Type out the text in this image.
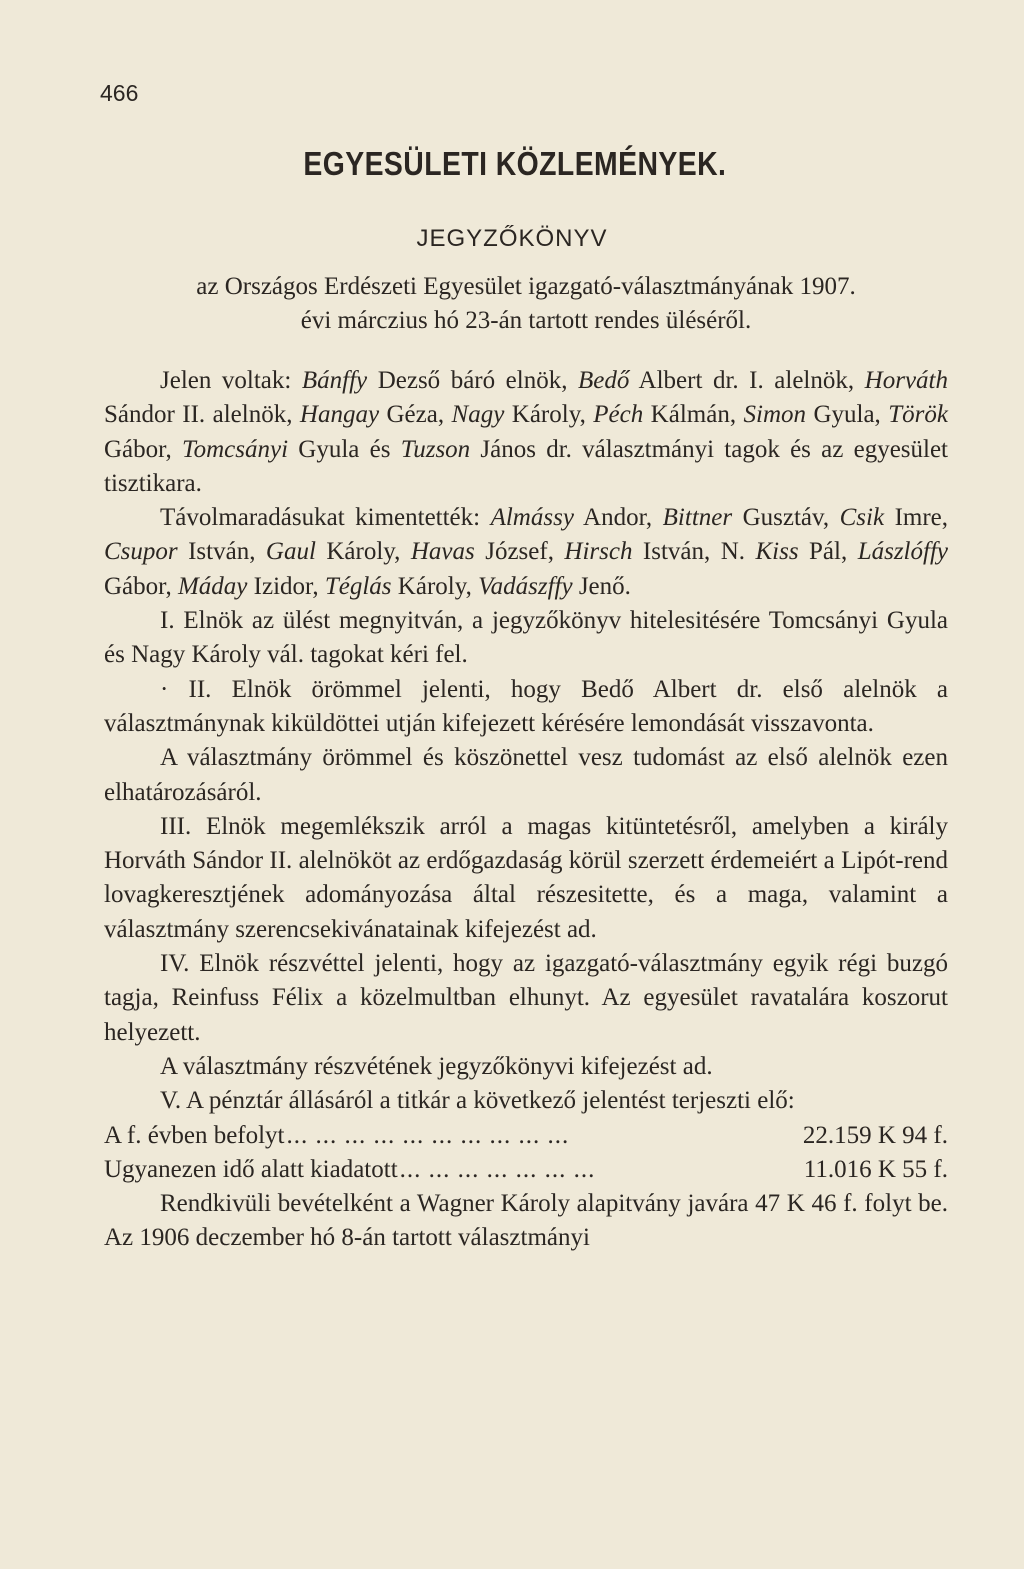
466
EGYESÜLETI KÖZLEMÉNYEK.
JEGYZŐKÖNYV
az Országos Erdészeti Egyesület igazgató-választmányának 1907.
évi márczius hó 23-án tartott rendes üléséről.

Jelen voltak: Bánffy Dezső báró elnök, Bedő Albert dr. I. alelnök, Horváth Sándor II. alelnök, Hangay Géza, Nagy Károly, Péch Kálmán, Simon Gyula, Török Gábor, Tomcsányi Gyula és Tuzson János dr. választmányi tagok és az egyesület tisztikara.

Távolmaradásukat kimentették: Almássy Andor, Bittner Gusztáv, Csik Imre, Csupor István, Gaul Károly, Havas József, Hirsch István, N. Kiss Pál, Lászlóffy Gábor, Máday Izidor, Téglás Károly, Vadászffy Jenő.

I. Elnök az ülést megnyitván, a jegyzőkönyv hitelesitésére Tomcsányi Gyula és Nagy Károly vál. tagokat kéri fel.

· II. Elnök örömmel jelenti, hogy Bedő Albert dr. első alelnök a választmánynak kiküldöttei utján kifejezett kérésére lemondását visszavonta.

A választmány örömmel és köszönettel vesz tudomást az első alelnök ezen elhatározásáról.

III. Elnök megemlékszik arról a magas kitüntetésről, amelyben a király Horváth Sándor II. alelnököt az erdőgazdaság körül szerzett érdemeiért a Lipót-rend lovagkeresztjének adományozása által részesitette, és a maga, valamint a választmány szerencsekivánatainak kifejezést ad.

IV. Elnök részvéttel jelenti, hogy az igazgató-választmány egyik régi buzgó tagja, Reinfuss Félix a közelmultban elhunyt. Az egyesület ravatalára koszorut helyezett.

A választmány részvétének jegyzőkönyvi kifejezést ad.

V. A pénztár állásáról a titkár a következő jelentést terjeszti elő:

A f. évben befolyt ... ... ... ... ... ... ... ... ... ...	22.159 K 94 f.
Ugyanezen idő alatt kiadatott ... ... ... ... ... ... ...	11.016 K 55 f.

Rendkivüli bevételként a Wagner Károly alapitvány javára 47 K 46 f. folyt be. Az 1906 deczember hó 8-án tartott választmányi
